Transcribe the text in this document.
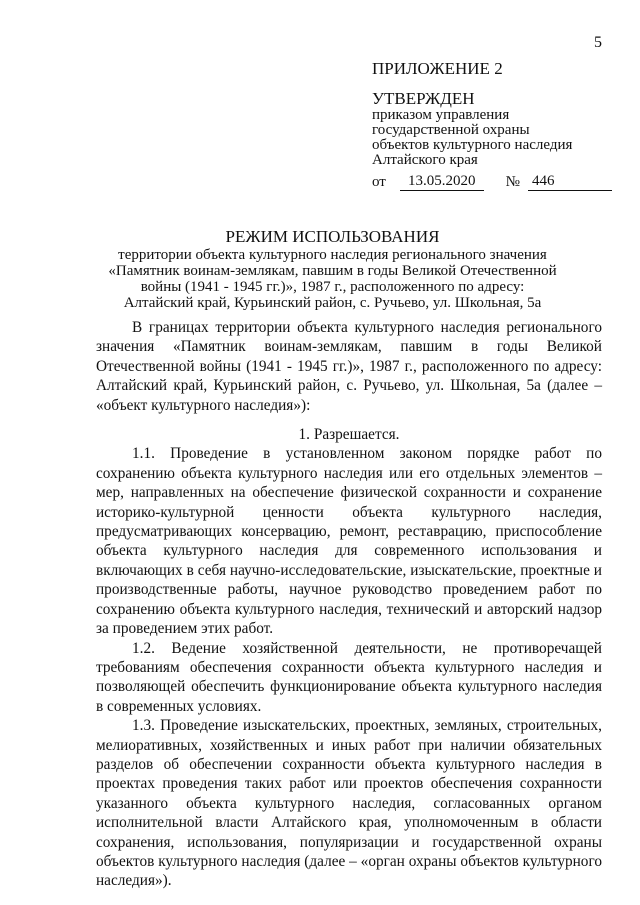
5

ПРИЛОЖЕНИЕ 2

УТВЕРЖДЕН

приказом управления

государственной охраны

объектов культурного наследия

Алтайского края

от	13.05.2020	№ 446

РЕЖИМ ИСПОЛЬЗОВАНИЯ

территории объекта культурного наследия регионального значения

«Памятник воинам-землякам, павшим в годы Великой Отечественной

войны (1941 - 1945 гг.)», 1987 г., расположенного по адресу:

Алтайский край, Курьинский район, с. Ручьево, ул. Школьная, 5а

В границах территории объекта культурного наследия регионального значения «Памятник воинам-землякам, павшим в годы Великой Отечественной войны (1941 - 1945 гг.)», 1987 г., расположенного по адресу: Алтайский край, Курьинский район, с. Ручьево, ул. Школьная, 5а (далее – «объект культурного наследия»):

1. Разрешается.

1.1. Проведение в установленном законом порядке работ по сохранению объекта культурного наследия или его отдельных элементов – мер, направленных на обеспечение физической сохранности и сохранение историко-культурной ценности объекта культурного наследия, предусматривающих консервацию, ремонт, реставрацию, приспособление объекта культурного наследия для современного использования и включающих в себя научно-исследовательские, изыскательские, проектные и производственные работы, научное руководство проведением работ по сохранению объекта культурного наследия, технический и авторский надзор за проведением этих работ.

1.2. Ведение хозяйственной деятельности, не противоречащей требованиям обеспечения сохранности объекта культурного наследия и позволяющей обеспечить функционирование объекта культурного наследия в современных условиях.

1.3. Проведение изыскательских, проектных, земляных, строительных, мелиоративных, хозяйственных и иных работ при наличии обязательных разделов об обеспечении сохранности объекта культурного наследия в проектах проведения таких работ или проектов обеспечения сохранности указанного объекта культурного наследия, согласованных органом исполнительной власти Алтайского края, уполномоченным в области сохранения, использования, популяризации и государственной охраны объектов культурного наследия (далее – «орган охраны объектов культурного наследия»).
